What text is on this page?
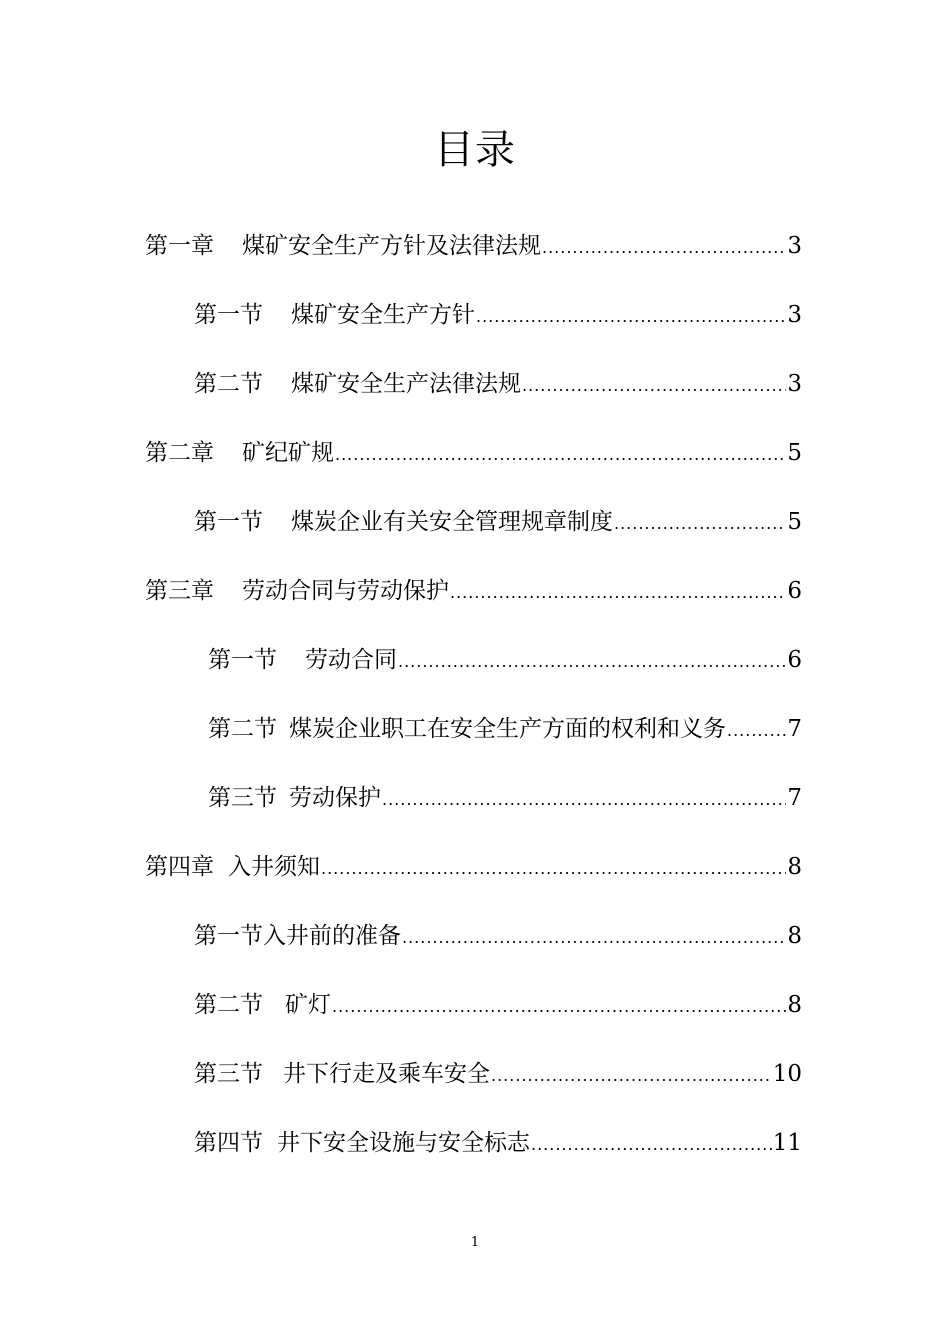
目录
第一章 煤矿安全生产方针及法律法规 .....	3
第一节 煤矿安全生产方针 .....	3
第二节 煤矿安全生产法律法规 .....	3
第二章 矿纪矿规 .....	5
第一节 煤炭企业有关安全管理规章制度 .....	5
第三章 劳动合同与劳动保护 .....	6
第一节 劳动合同 .....	6
第二节 煤炭企业职工在安全生产方面的权利和义务 .....	7
第三节 劳动保护 .....	7
第四章 入井须知 .....	8
第一节入井前的准备 .....	8
第二节 矿灯 .....	8
第三节 井下行走及乘车安全 .....	10
第四节 井下安全设施与安全标志 .....	11
1
